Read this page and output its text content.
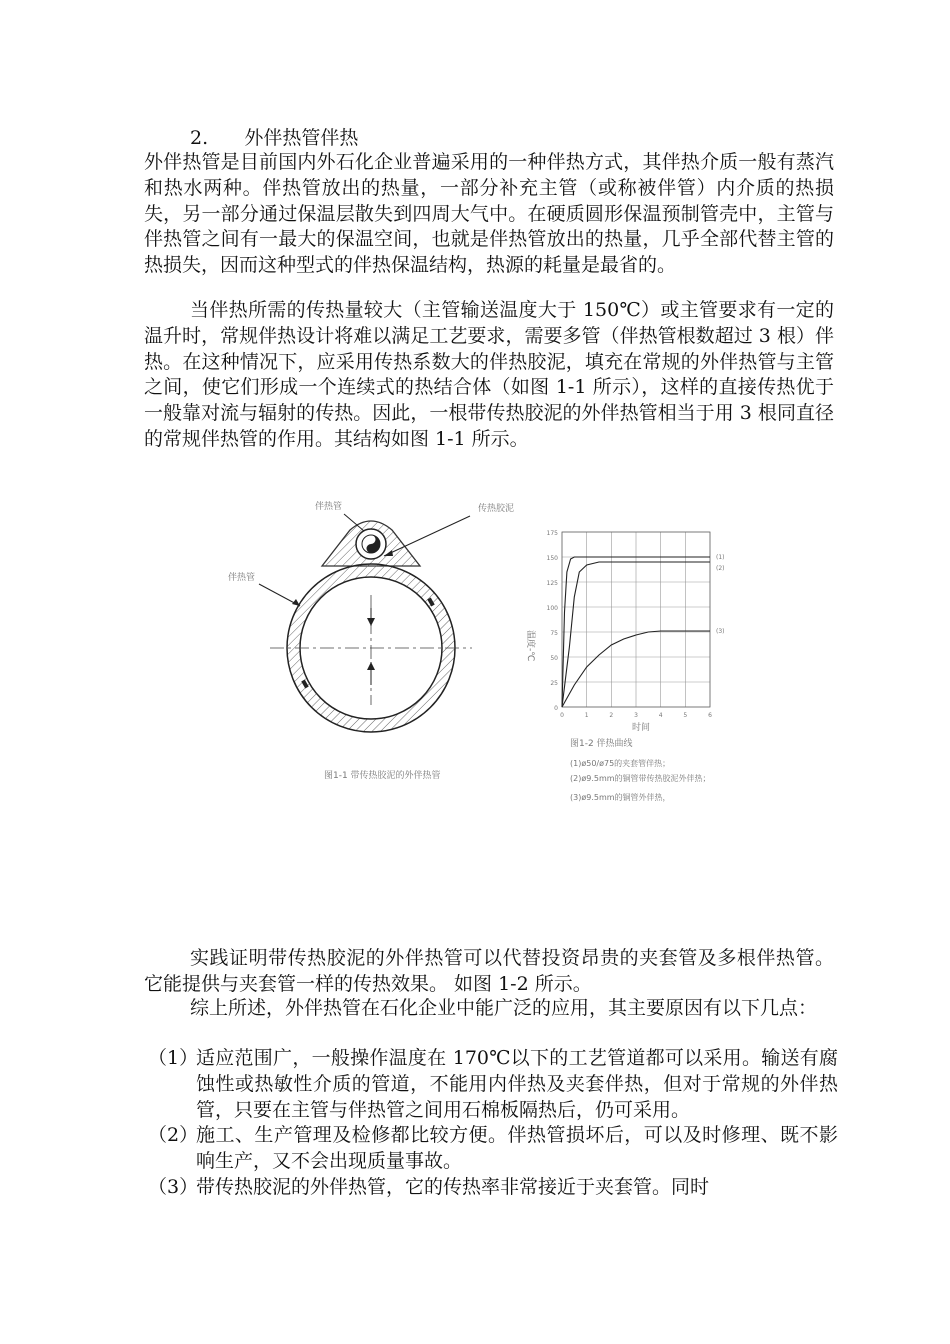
2.      外伴热管伴热
外伴热管是目前国内外石化企业普遍采用的一种伴热方式，其伴热介质一般有蒸汽和热水两种。伴热管放出的热量，一部分补充主管（或称被伴管）内介质的热损失，另一部分通过保温层散失到四周大气中。在硬质圆形保温预制管壳中，主管与伴热管之间有一最大的保温空间，也就是伴热管放出的热量，几乎全部代替主管的热损失，因而这种型式的伴热保温结构，热源的耗量是最省的。
当伴热所需的传热量较大（主管输送温度大于 150℃）或主管要求有一定的温升时，常规伴热设计将难以满足工艺要求，需要多管（伴热管根数超过 3 根）伴热。在这种情况下，应采用传热系数大的伴热胶泥，填充在常规的外伴热管与主管之间，使它们形成一个连续式的热结合体（如图 1-1 所示），这样的直接传热优于一般靠对流与辐射的传热。因此，一根带传热胶泥的外伴热管相当于用 3 根同直径的常规伴热管的作用。其结构如图 1-1 所示。
伴热管	传热胶泥
伴热管
图1-1 带传热胶泥的外伴热管
0
25
50
75
100
125
150
175
0	1	2	3	4	5	6
(1)
(2)
(3)
温度-℃
时间
图1-2 伴热曲线
(1)ø50/ø75的夹套管伴热；
(2)ø9.5mm的铜管带传热胶泥外伴热；
(3)ø9.5mm的铜管外伴热，
实践证明带传热胶泥的外伴热管可以代替投资昂贵的夹套管及多根伴热管。它能提供与夹套管一样的传热效果。 如图 1-2 所示。
综上所述，外伴热管在石化企业中能广泛的应用，其主要原因有以下几点：
（1）
适应范围广，一般操作温度在 170℃以下的工艺管道都可以采用。输送有腐蚀性或热敏性介质的管道，不能用内伴热及夹套伴热，但对于常规的外伴热管，只要在主管与伴热管之间用石棉板隔热后，仍可采用。
（2）
施工、生产管理及检修都比较方便。伴热管损坏后，可以及时修理、既不影响生产，又不会出现质量事故。
（3）
带传热胶泥的外伴热管，它的传热率非常接近于夹套管。同时
